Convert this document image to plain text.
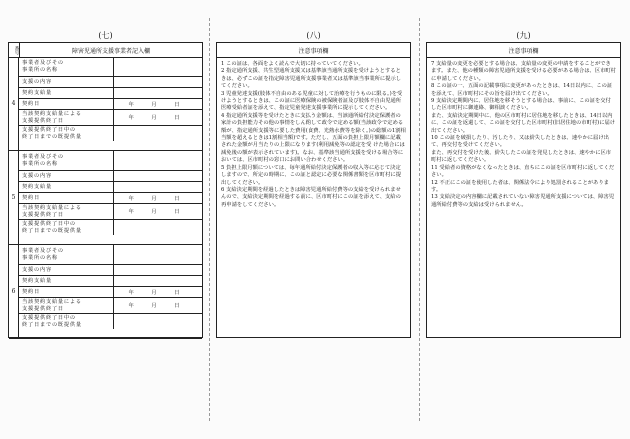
(七)	(八)	(九)
番号	障害児通所支援事業者記入欄
4
事業者及びその
事業所の名称
支援の内容
契約支給量
契約日	年 月 日
当該契約支給量による
支援提供終了日	年 月 日
支援提供終了日中の
終了日までの既提供量
5
事業者及びその
事業所の名称
支援の内容
契約支給量
契約日	年 月 日
当該契約支給量による
支援提供終了日	年 月 日
支援提供終了日中の
終了日までの既提供量
6
事業者及びその
事業所の名称
支援の内容
契約支給量
契約日	年 月 日
当該契約支給量による
支援提供終了日	年 月 日
支援提供終了日中の
終了日までの既提供量
注意事項欄

1 この証は、各面をよく読んで大切に持っていてください。

2 指定通所支援、共生型通所支援又は基準該当通所支援を受けようとするときは、必ずこの証を指定障害児通所支援事業者又は基準該当事業所に提示してください。

3 児童発達支援(肢体不自由のある児童に対して治療を行うものに限る。)を受けようとするときは、この証に医療保険の被保険者証及び肢体不自由児通所医療受給者証を添えて、指定児童発達支援事業所に提示してください。

4 指定通所支援等を受けたときに支払う金額は、当該通所給付決定保護者の家計の負担能力その他の事情をしん酌して政令で定める額(当該政令で定める額が、指定通所支援等に要した費用(食費、光熱水費等を除く。)の総額の1割相当額を超えるときは1割相当額)です。ただし、五面の負担上限月額欄に記載された金額が月当たりの上限になります(利用減免等の認定を受 けた場合には減免後の額が表示されています)。なお、基準該当通所支援を受ける場合等においては、区市町村の窓口にお問い合わせください。

5 負担上限月額については、毎年通所給付決定保護者の収入等に応じて決定しますので、所定の時期に、この証と認定に必要な関係書類を区市町村に提出してください。

6 支給決定期間を経過したときは障害児通所給付費等の支給を受けられませんので、支給決定期間を経過する前に、区市町村にこの証を添えて、支給の再申請をしてください。

注意事項欄

7 支給量の変更を必要とする場合は、支給量の変更の申請をすることができます。また、他の種類の障害児通所支援を受ける必要がある場合は、区市町村に申請してください。

8 この証の一、五面の記載事項に変更があったときは、14日以内に、この証を添えて、区市町村にその旨を届け出てください。

9 支給決定期間内に、居住地を移そうとする場合は、事前に、この証を交付した区市町村に御連絡、御相談ください。

また、支給決定期間中に、他の区市町村に居住地を移したときは、14日以内に、この証を返還して、この証を交付した区市町村(旧居住地の市町村)に届け出てください。

10 この証を破損したり、汚したり、又は紛失したときは、速やかに届け出て、再交付を受けてください。

また、再交付を受けた後、紛失したこの証を発見したときは、速やかに区市町村に返してください。

11 受給者の資格がなくなったときは、直ちにこの証を区市町村に返してください。

12 不正にこの証を使用した者は、関係法令により処罰されることがあります。

13 支給決定の内容欄に記載されていない障害児通所支援については、障害児通所給付費等の支給は受けられません。
